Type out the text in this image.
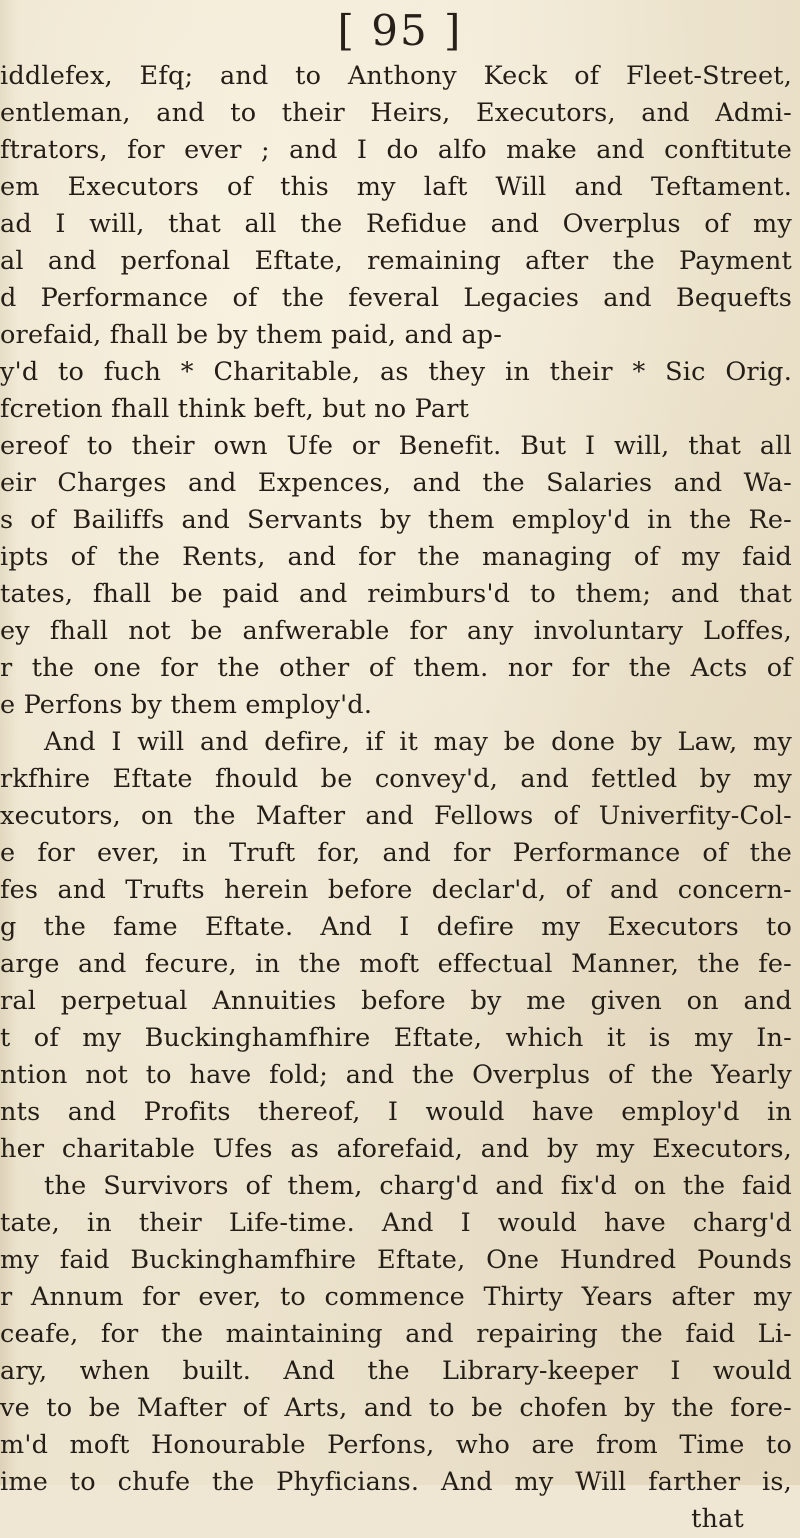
[ 95 ]
iddlefex, Efq; and to Anthony Keck of Fleet-Street,
entleman, and to their Heirs, Executors, and Admi-
ftrators, for ever ; and I do alfo make and conftitute
em Executors of this my laft Will and Teftament.
ad I will, that all the Refidue and Overplus of my
al and perfonal Eftate, remaining after the Payment
d Performance of the feveral Legacies and Bequefts
orefaid, fhall be by them paid, and ap-
y'd to fuch * Charitable, as they in their * Sic Orig.
fcretion fhall think beft, but no Part
ereof to their own Ufe or Benefit. But I will, that all
eir Charges and Expences, and the Salaries and Wa-
s of Bailiffs and Servants by them employ'd in the Re-
ipts of the Rents, and for the managing of my faid
tates, fhall be paid and reimburs'd to them; and that
ey fhall not be anfwerable for any involuntary Loffes,
r the one for the other of them. nor for the Acts of
e Perfons by them employ'd.
And I will and defire, if it may be done by Law, my
rkfhire Eftate fhould be convey'd, and fettled by my
xecutors, on the Mafter and Fellows of Univerfity-Col-
e for ever, in Truft for, and for Performance of the
fes and Trufts herein before declar'd, of and concern-
g the fame Eftate. And I defire my Executors to
arge and fecure, in the moft effectual Manner, the fe-
ral perpetual Annuities before by me given on and
t of my Buckinghamfhire Eftate, which it is my In-
ntion not to have fold; and the Overplus of the Yearly
nts and Profits thereof, I would have employ'd in
her charitable Ufes as aforefaid, and by my Executors,
the Survivors of them, charg'd and fix'd on the faid
tate, in their Life-time. And I would have charg'd
my faid Buckinghamfhire Eftate, One Hundred Pounds
r Annum for ever, to commence Thirty Years after my
ceafe, for the maintaining and repairing the faid Li-
ary, when built. And the Library-keeper I would
ve to be Mafter of Arts, and to be chofen by the fore-
m'd moft Honourable Perfons, who are from Time to
ime to chufe the Phyficians. And my Will farther is,
that
